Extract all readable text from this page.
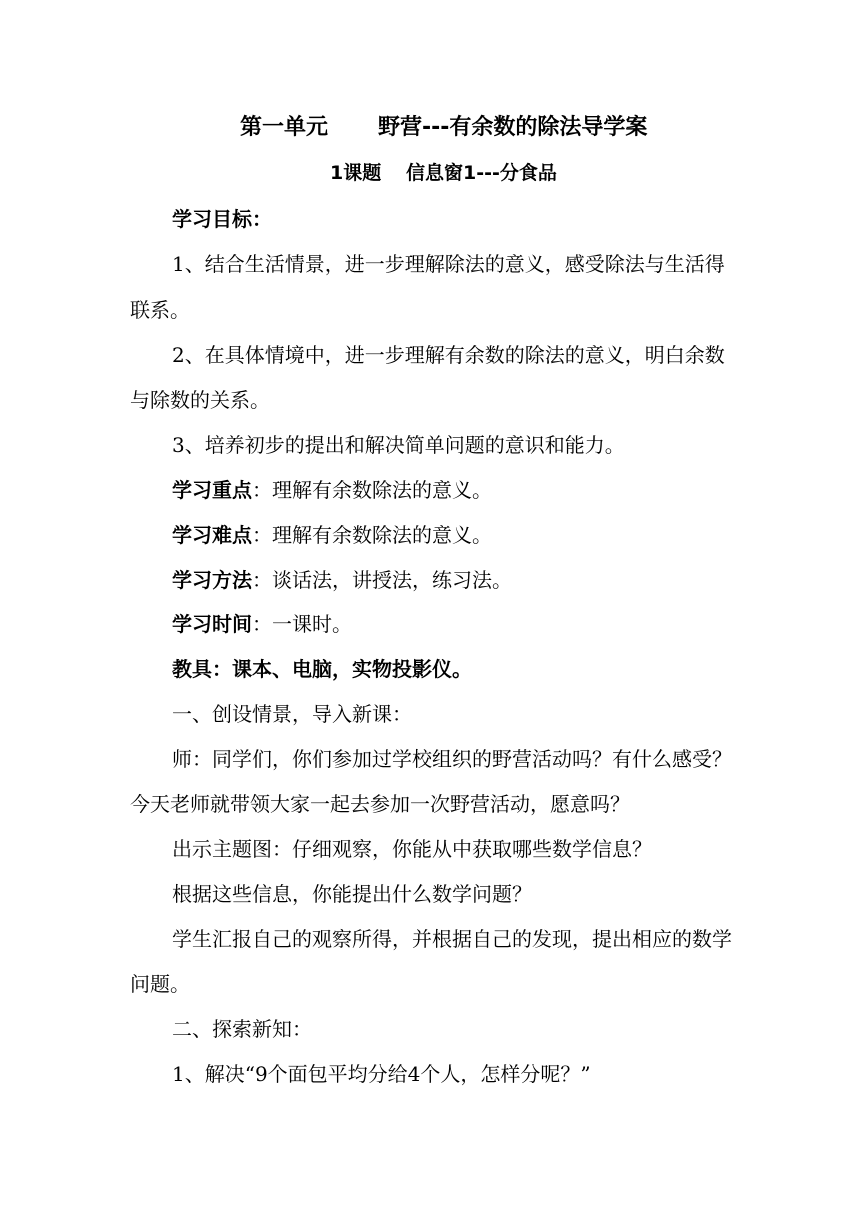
第一单元 野营---有余数的除法导学案
1课题 信息窗1---分食品
学习目标：
1、结合生活情景，进一步理解除法的意义，感受除法与生活得
联系。
2、在具体情境中，进一步理解有余数的除法的意义，明白余数
与除数的关系。
3、培养初步的提出和解决简单问题的意识和能力。
学习重点：理解有余数除法的意义。
学习难点：理解有余数除法的意义。
学习方法：谈话法，讲授法，练习法。
学习时间：一课时。
教具：课本、电脑，实物投影仪。
一、创设情景，导入新课：
师：同学们，你们参加过学校组织的野营活动吗？有什么感受？
今天老师就带领大家一起去参加一次野营活动，愿意吗？
出示主题图：仔细观察，你能从中获取哪些数学信息？
根据这些信息，你能提出什么数学问题？
学生汇报自己的观察所得，并根据自己的发现，提出相应的数学
问题。
二、探索新知：
1、解决“9个面包平均分给4个人，怎样分呢？”
